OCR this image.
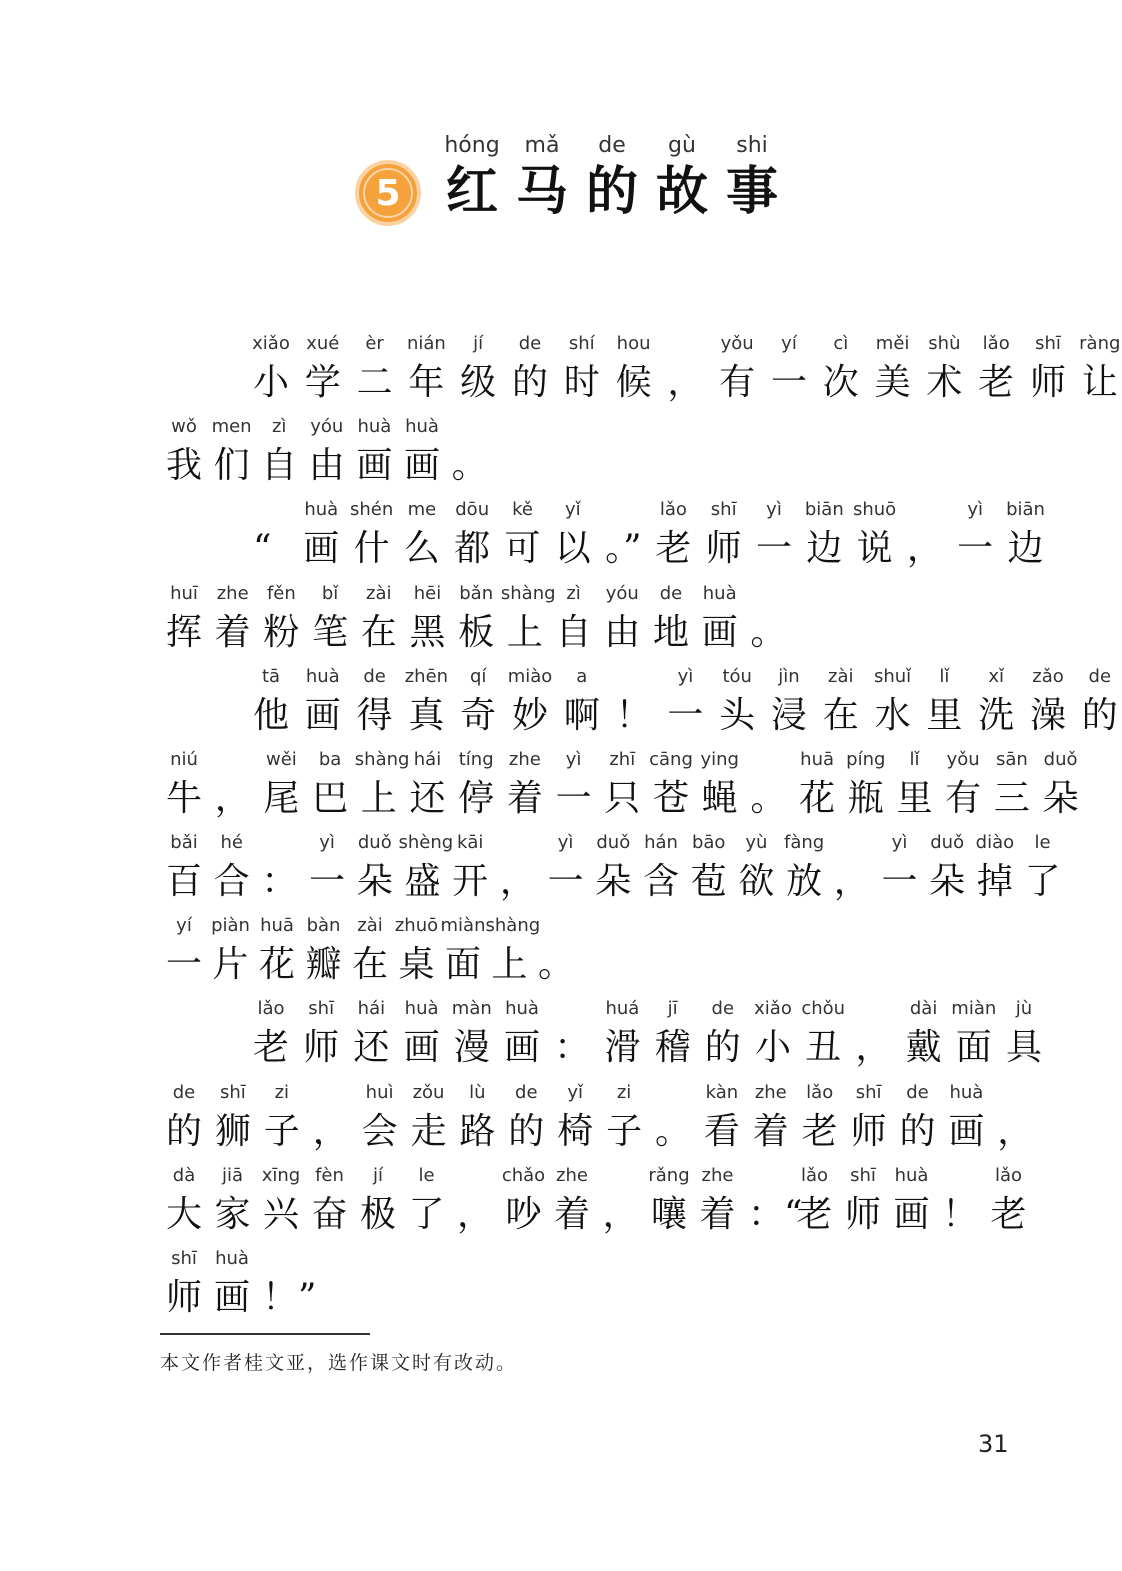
5
hóng
红
mǎ
马
de
的
gù
故
shi
事
xiǎo
小
xué
学
èr
二
nián
年
jí
级
de
的
shí
时
hou
候 ，
yǒu
有
yí
一
cì
次
měi
美
shù
术
lǎo
老
shī
师
ràng
让
wǒ
我
men
们
zì
自
yóu
由
huà
画
huà
画 。
“
huà
画
shén
什
me
么
dōu
都
kě
可
yǐ
以 。”
lǎo
老
shī
师
yì
一
biān
边
shuō
说 ，
yì
一
biān
边
huī
挥
zhe
着
fěn
粉
bǐ
笔
zài
在
hēi
黑
bǎn
板
shàng
上
zì
自
yóu
由
de
地
huà
画 。
tā
他
huà
画
de
得
zhēn
真
qí
奇
miào
妙
a
啊 ！
yì
一
tóu
头
jìn
浸
zài
在
shuǐ
水
lǐ
里
xǐ
洗
zǎo
澡
de
的
niú
牛 ，
wěi
尾
ba
巴
shàng
上
hái
还
tíng
停
zhe
着
yì
一
zhī
只
cāng
苍
ying
蝇 。
huā
花
píng
瓶
lǐ
里
yǒu
有
sān
三
duǒ
朵
bǎi
百
hé
合 ：
yì
一
duǒ
朵
shèng
盛
kāi
开 ，
yì
一
duǒ
朵
hán
含
bāo
苞
yù
欲
fàng
放 ，
yì
一
duǒ
朵
diào
掉
le
了
yí
一
piàn
片
huā
花
bàn
瓣
zài
在
zhuō
桌
miàn
面
shàng
上 。
lǎo
老
shī
师
hái
还
huà
画
màn
漫
huà
画 ：
huá
滑
jī
稽
de
的
xiǎo
小
chǒu
丑 ，
dài
戴
miàn
面
jù
具
de
的
shī
狮
zi
子 ，
huì
会
zǒu
走
lù
路
de
的
yǐ
椅
zi
子 。
kàn
看
zhe
着
lǎo
老
shī
师
de
的
huà
画 ，
dà
大
jiā
家
xīng
兴
fèn
奋
jí
极
le
了 ，
chǎo
吵
zhe
着 ，
rǎng
嚷
zhe
着 ：“
lǎo
老
shī
师
huà
画 ！
lǎo
老
shī
师
huà
画 ！”
本文作者桂文亚，选作课文时有改动。
31
